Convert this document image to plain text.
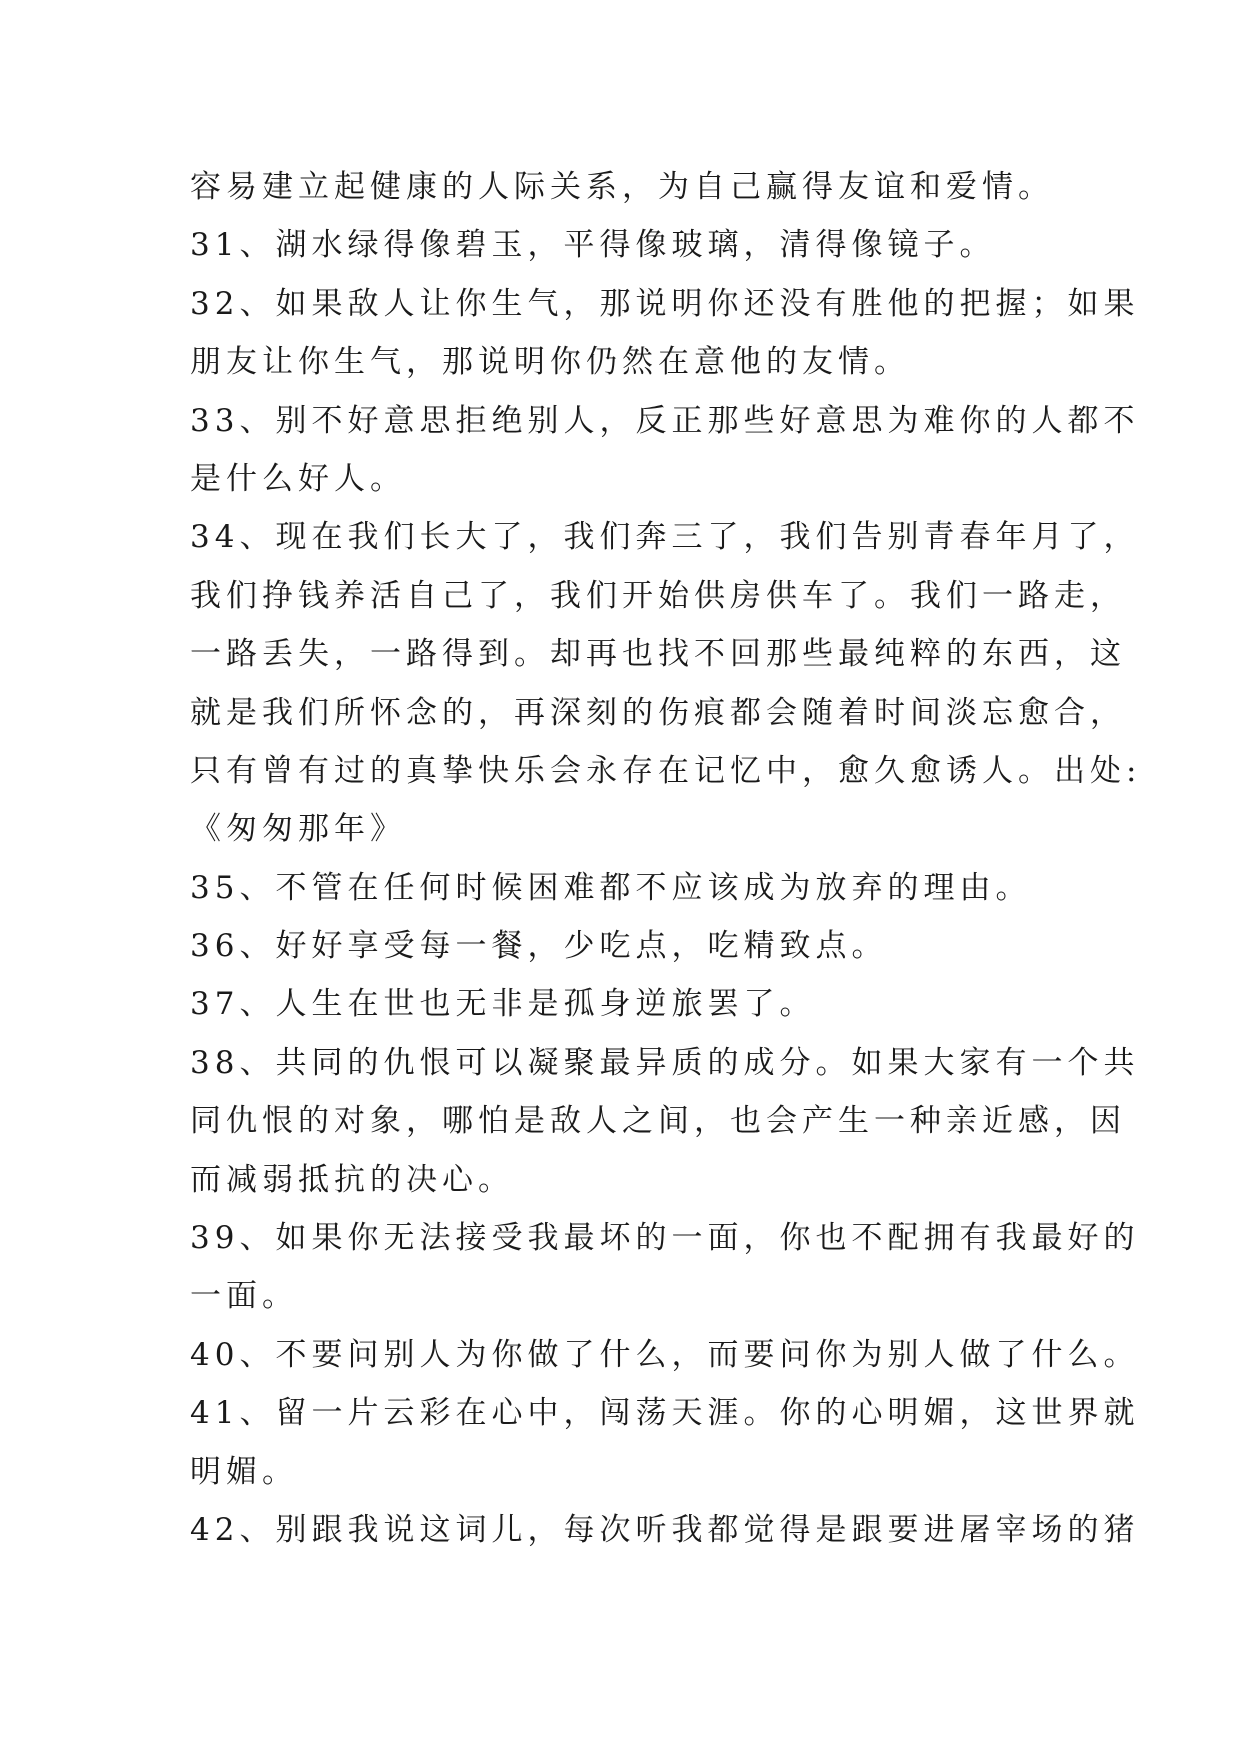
容易建立起健康的人际关系，为自己赢得友谊和爱情。
31、湖水绿得像碧玉，平得像玻璃，清得像镜子。
32、如果敌人让你生气，那说明你还没有胜他的把握；如果
朋友让你生气，那说明你仍然在意他的友情。
33、别不好意思拒绝别人，反正那些好意思为难你的人都不
是什么好人。
34、现在我们长大了，我们奔三了，我们告别青春年月了，
我们挣钱养活自己了，我们开始供房供车了。我们一路走，
一路丢失，一路得到。却再也找不回那些最纯粹的东西，这
就是我们所怀念的，再深刻的伤痕都会随着时间淡忘愈合，
只有曾有过的真挚快乐会永存在记忆中，愈久愈诱人。出处:
《匆匆那年》
35、不管在任何时候困难都不应该成为放弃的理由。
36、好好享受每一餐，少吃点，吃精致点。
37、人生在世也无非是孤身逆旅罢了。
38、共同的仇恨可以凝聚最异质的成分。如果大家有一个共
同仇恨的对象，哪怕是敌人之间，也会产生一种亲近感，因
而减弱抵抗的决心。
39、如果你无法接受我最坏的一面，你也不配拥有我最好的
一面。
40、不要问别人为你做了什么，而要问你为别人做了什么。
41、留一片云彩在心中，闯荡天涯。你的心明媚，这世界就
明媚。
42、别跟我说这词儿，每次听我都觉得是跟要进屠宰场的猪
